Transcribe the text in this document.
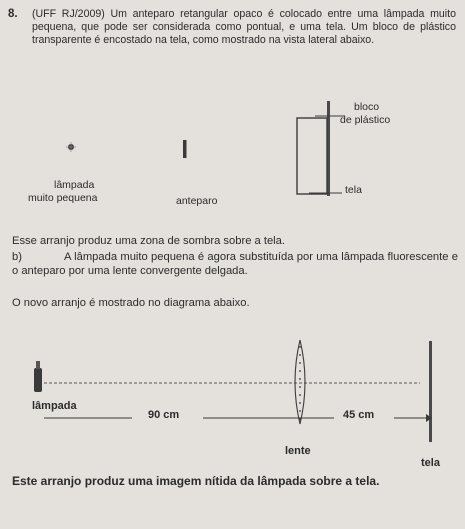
8. (UFF RJ/2009) Um anteparo retangular opaco é colocado entre uma lâmpada muito pequena, que pode ser considerada como pontual, e uma tela. Um bloco de plástico transparente é encostado na tela, como mostrado na vista lateral abaixo.

bloco
de plástico
lâmpada
muito pequena	anteparo
tela

Esse arranjo produz uma zona de sombra sobre a tela.

b)	A lâmpada muito pequena é agora substituída por uma lâmpada fluorescente e o anteparo por uma lente convergente delgada.

O novo arranjo é mostrado no diagrama abaixo.

lâmpada
90 cm	45 cm
lente
tela

Este arranjo produz uma imagem nítida da lâmpada sobre a tela.
